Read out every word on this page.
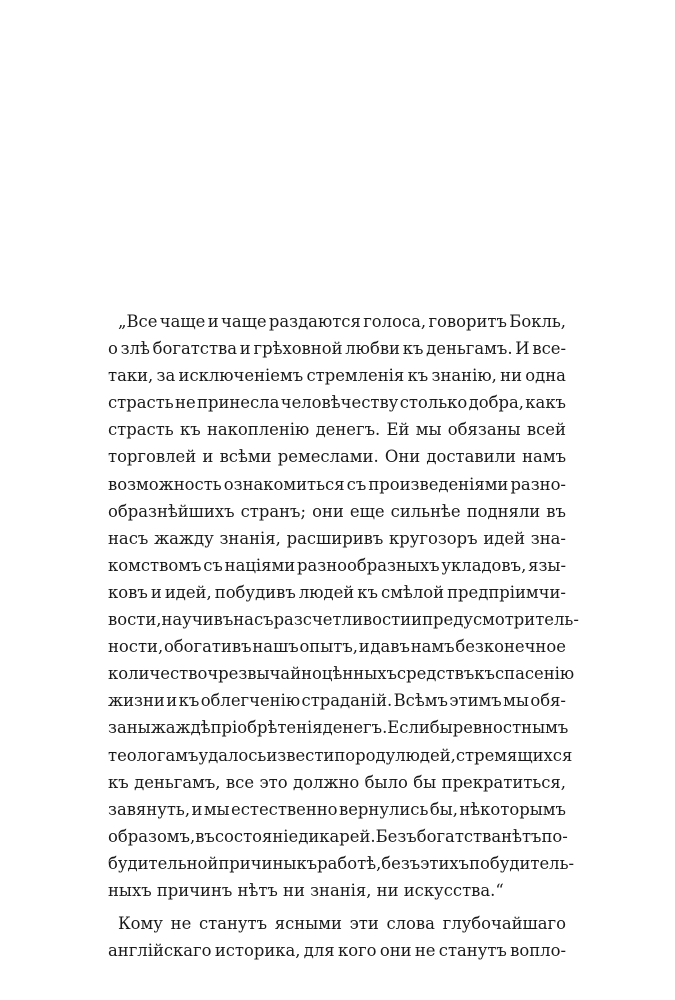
„Все чаще и чаще раздаются голоса, говоритъ Бокль,
о злѣ богатства и грѣховной любви къ деньгамъ. И все-
таки, за исключеніемъ стремленія къ знанію, ни одна
страсть не принесла человѣчеству столько добра, какъ
страсть къ накопленію денегъ. Ей мы обязаны всей
торговлей и всѣми ремеслами. Они доставили намъ
возможность ознакомиться съ произведеніями разно-
образнѣйшихъ странъ; они еще сильнѣе подняли въ
насъ жажду знанія, расширивъ кругозоръ идей зна-
комствомъ съ націями разнообразныхъ укладовъ, язы-
ковъ и идей, побудивъ людей къ смѣлой предпріимчи-
вости, научивъ насъ разсчетливости и предусмотритель-
ности, обогативъ нашъ опытъ, и давъ намъ безконечное
количество чрезвычайно цѣнныхъ средствъ къ спасенію
жизни и къ облегченію страданій. Всѣмъ этимъ мы обя-
заны жаждѣ пріобрѣтенія денегъ. Если бы ревностнымъ
теологамъ удалось извести породу людей, стремящихся
къ деньгамъ, все это должно было бы прекратиться,
завянуть, и мы естественно вернулись бы, нѣкоторымъ
образомъ, въ состояніе дикарей. Безъ богатства нѣтъ по-
будительной причины къ работѣ, безъ этихъ побудитель-
ныхъ причинъ нѣтъ ни знанія, ни искусства.“
Кому не станутъ ясными эти слова глубочайшаго
англійскаго историка, для кого они не станутъ вопло-
